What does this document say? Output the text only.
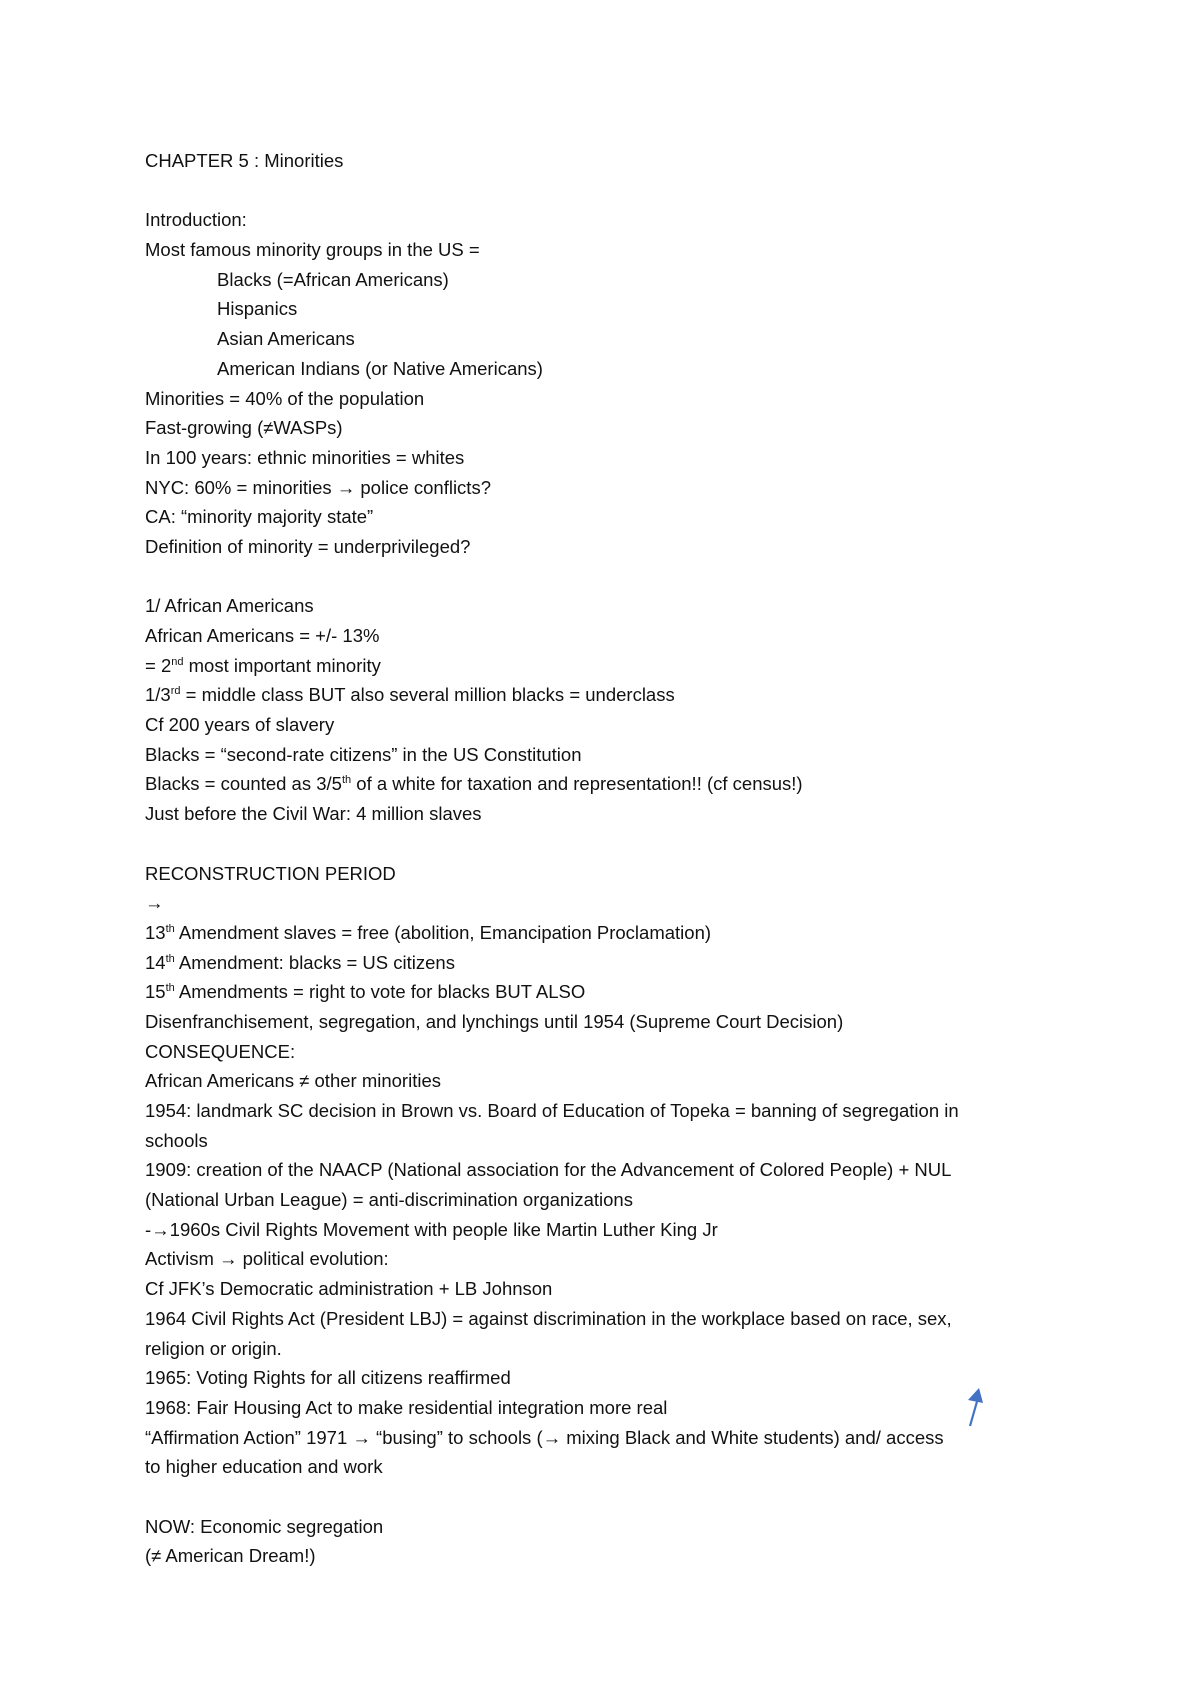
CHAPTER 5 : Minorities
Introduction:
Most famous minority groups in the US =
Blacks (=African Americans)
Hispanics
Asian Americans
American Indians (or Native Americans)
Minorities = 40% of the population
Fast-growing (≠WASPs)
In 100 years: ethnic minorities = whites
NYC: 60% = minorities → police conflicts?
CA: “minority majority state”
Definition of minority = underprivileged?
1/ African Americans
African Americans = +/- 13%
= 2nd most important minority
1/3rd = middle class BUT also several million blacks = underclass
Cf 200 years of slavery
Blacks = “second-rate citizens” in the US Constitution
Blacks = counted as 3/5th of a white for taxation and representation!! (cf census!)
Just before the Civil War: 4 million slaves
RECONSTRUCTION PERIOD
→
13th Amendment slaves = free (abolition, Emancipation Proclamation)
14th Amendment: blacks = US citizens
15th Amendments = right to vote for blacks BUT ALSO
Disenfranchisement, segregation, and lynchings until 1954 (Supreme Court Decision)
CONSEQUENCE:
African Americans ≠ other minorities
1954: landmark SC decision in Brown vs. Board of Education of Topeka = banning of segregation in
schools
1909: creation of the NAACP (National association for the Advancement of Colored People) + NUL
(National Urban League) = anti-discrimination organizations
-→1960s Civil Rights Movement with people like Martin Luther King Jr
Activism → political evolution:
Cf JFK’s Democratic administration + LB Johnson
1964 Civil Rights Act (President LBJ) = against discrimination in the workplace based on race, sex,
religion or origin.
1965: Voting Rights for all citizens reaffirmed
1968: Fair Housing Act to make residential integration more real
“Affirmation Action” 1971 → “busing” to schools (→ mixing Black and White students) and/ access
to higher education and work
NOW: Economic segregation
(≠ American Dream!)
